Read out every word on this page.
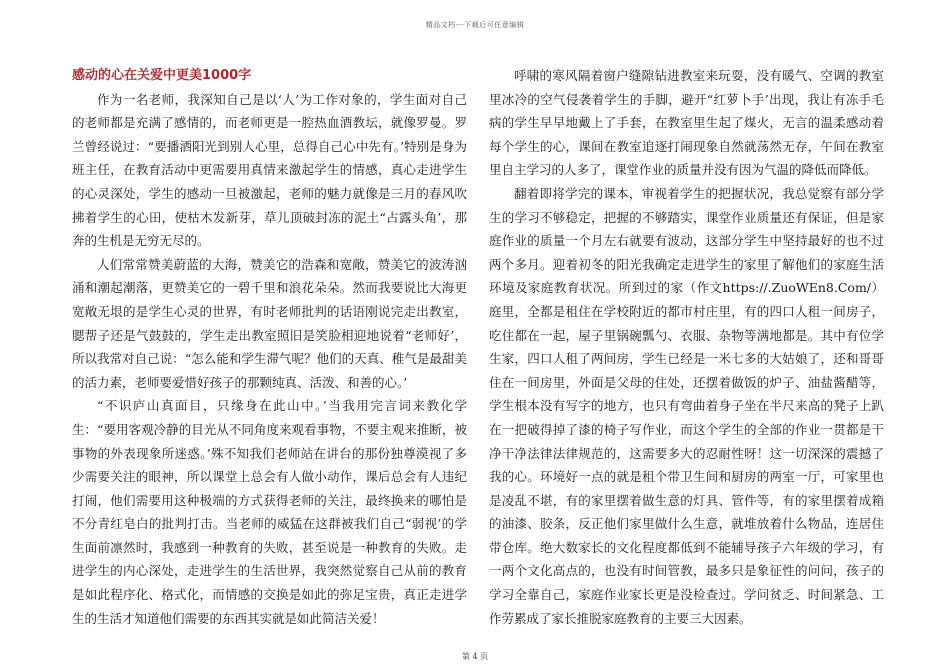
精品文档---下载后可任意编辑
感动的心在关爱中更美1000字

作为一名老师，我深知自己是以‘人’为工作对象的，学生面对自己的老师都是充满了感情的，而老师更是一腔热血酒教坛，就像罗曼。罗兰曾经说过：“要播洒阳光到别人心里，总得自己心中先有。’特别是身为班主任，在教育活动中更需要用真情来激起学生的情感，真心走进学生的心灵深处，学生的感动一旦被激起，老师的魅力就像是三月的春风吹拂着学生的心田，使枯木发新芽，草儿顶破封冻的泥土“占露头角’，那奔的生机是无穷无尽的。

人们常常赞美蔚蓝的大海，赞美它的浩森和宽敞，赞美它的波涛汹涌和潮起潮落，更赞美它的一碧千里和浪花朵朵。然而我要说比大海更宽敞无垠的是学生心灵的世界，有时老师批判的话语刚说完走出教室，腮帮子还是气鼓鼓的，学生走出教室照旧是笑脸相迎地说着“老师好’，所以我常对自己说：“怎么能和学生滞气呢？他们的天真、稚气是最甜美的活力素，老师要爱惜好孩子的那颗纯真、活泼、和善的心。’

“不识庐山真面目，只缘身在此山中。’当我用完言词来教化学生：“要用客观冷静的目光从不同角度来观看事物，不要主观来推断，被事物的外表现象所迷惑。’殊不知我们老师站在讲台的那份独尊漠视了多少需要关注的眼神，所以课堂上总会有人做小动作，课后总会有人违纪打闹，他们需要用这种极端的方式获得老师的关注，最终换来的哪怕是不分青红皂白的批判打击。当老师的威猛在这群被我们自己“弱视’的学生面前凛然时，我感到一种教育的失败，甚至说是一种教育的失败。走进学生的内心深处，走进学生的生活世界，我突然觉察自己从前的教育是如此程序化、格式化，而情感的交换是如此的弥足宝贵，真正走进学生的生活才知道他们需要的东西其实就是如此简洁关爱！

呼啸的寒风隔着窗户缝隙钻进教室来玩耍，没有暖气、空调的教室里冰冷的空气侵袭着学生的手脚，避开“红萝卜手’出现，我让有冻手毛病的学生早早地戴上了手套，在教室里生起了煤火，无言的温柔感动着每个学生的心，课间在教室追逐打闹现象自然就荡然无存，午间在教室里自主学习的人多了，课堂作业的质量并没有因为气温的降低而降低。

翻着即将学完的课本，审视着学生的把握状况，我总觉察有部分学生的学习不够稳定，把握的不够踏实，课堂作业质量还有保证，但是家庭作业的质量一个月左右就要有波动，这部分学生中坚持最好的也不过两个多月。迎着初冬的阳光我确定走进学生的家里了解他们的家庭生活环境及家庭教育状况。所到过的家（作文https://.ZuoWEn8.Com/）庭里，全都是租住在学校附近的都市村庄里，有的四口人租一间房子，吃住都在一起，屋子里锅碗瓢勺、衣服、杂物等满地都是。其中有位学生家，四口人租了两间房，学生已经是一米七多的大姑娘了，还和哥哥住在一间房里，外面是父母的住处，还摆着做饭的炉子、油盐酱醋等，学生根本没有写字的地方，也只有弯曲着身子坐在半尺来高的凳子上趴在一把破得掉了漆的椅子写作业，而这个学生的全部的作业一贯都是干净干净法律法律规范的，这需要多大的忍耐性呀！这一切深深的震撼了我的心。环境好一点的就是租个带卫生间和厨房的两室一厅，可家里也是凌乱不堪，有的家里摆着做生意的灯具、管件等，有的家里摆着成箱的油漆、胶条，反正他们家里做什么生意，就堆放着什么物品，连居住带仓库。绝大数家长的文化程度都低到不能辅导孩子六年级的学习，有一两个文化高点的，也没有时间管教，最多只是象征性的问问，孩子的学习全靠自己，家庭作业家长更是没检查过。学问贫乏、时间紧急、工作劳累成了家长推脱家庭教育的主要三大因素。

第 4 页
